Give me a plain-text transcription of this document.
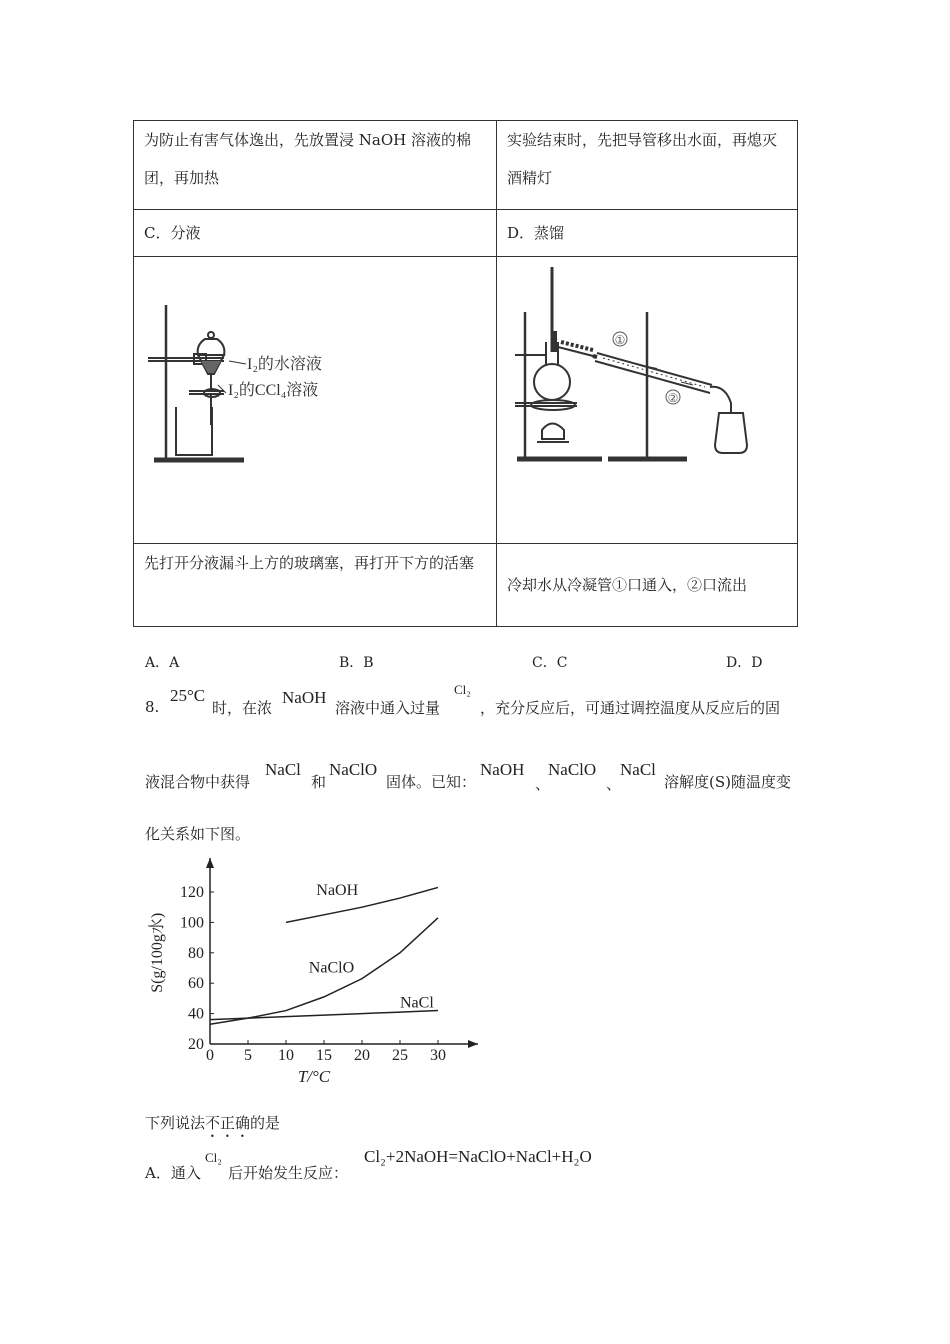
为防止有害气体逸出，先放置浸 NaOH 溶液的棉团，再加热	实验结束时，先把导管移出水面，再熄灭酒精灯
C．分液	D．蒸馏

I₂的水溶液
I₂的CCl₄溶液	①
②

先打开分液漏斗上方的玻璃塞，再打开下方的活塞	冷却水从冷凝管①口通入，②口流出
A．A	B．B	C．C	D．D
8.
25°C
时，在浓
NaOH
溶液中通入过量
Cl₂
，充分反应后，可通过调控温度从反应后的固
液混合物中获得
NaCl
和
NaClO
固体。已知：
NaOH
、
NaClO
、
NaCl
溶解度(S)随温度变
化关系如下图。
0 5 10 15 20 25 30
20
40
60
80
100
120
T/°C
S(g/100g水)
NaOH
NaClO
NaCl
下列说法不正确的是
A．通入
Cl₂
后开始发生反应：
Cl₂+2NaOH=NaClO+NaCl+H₂O
